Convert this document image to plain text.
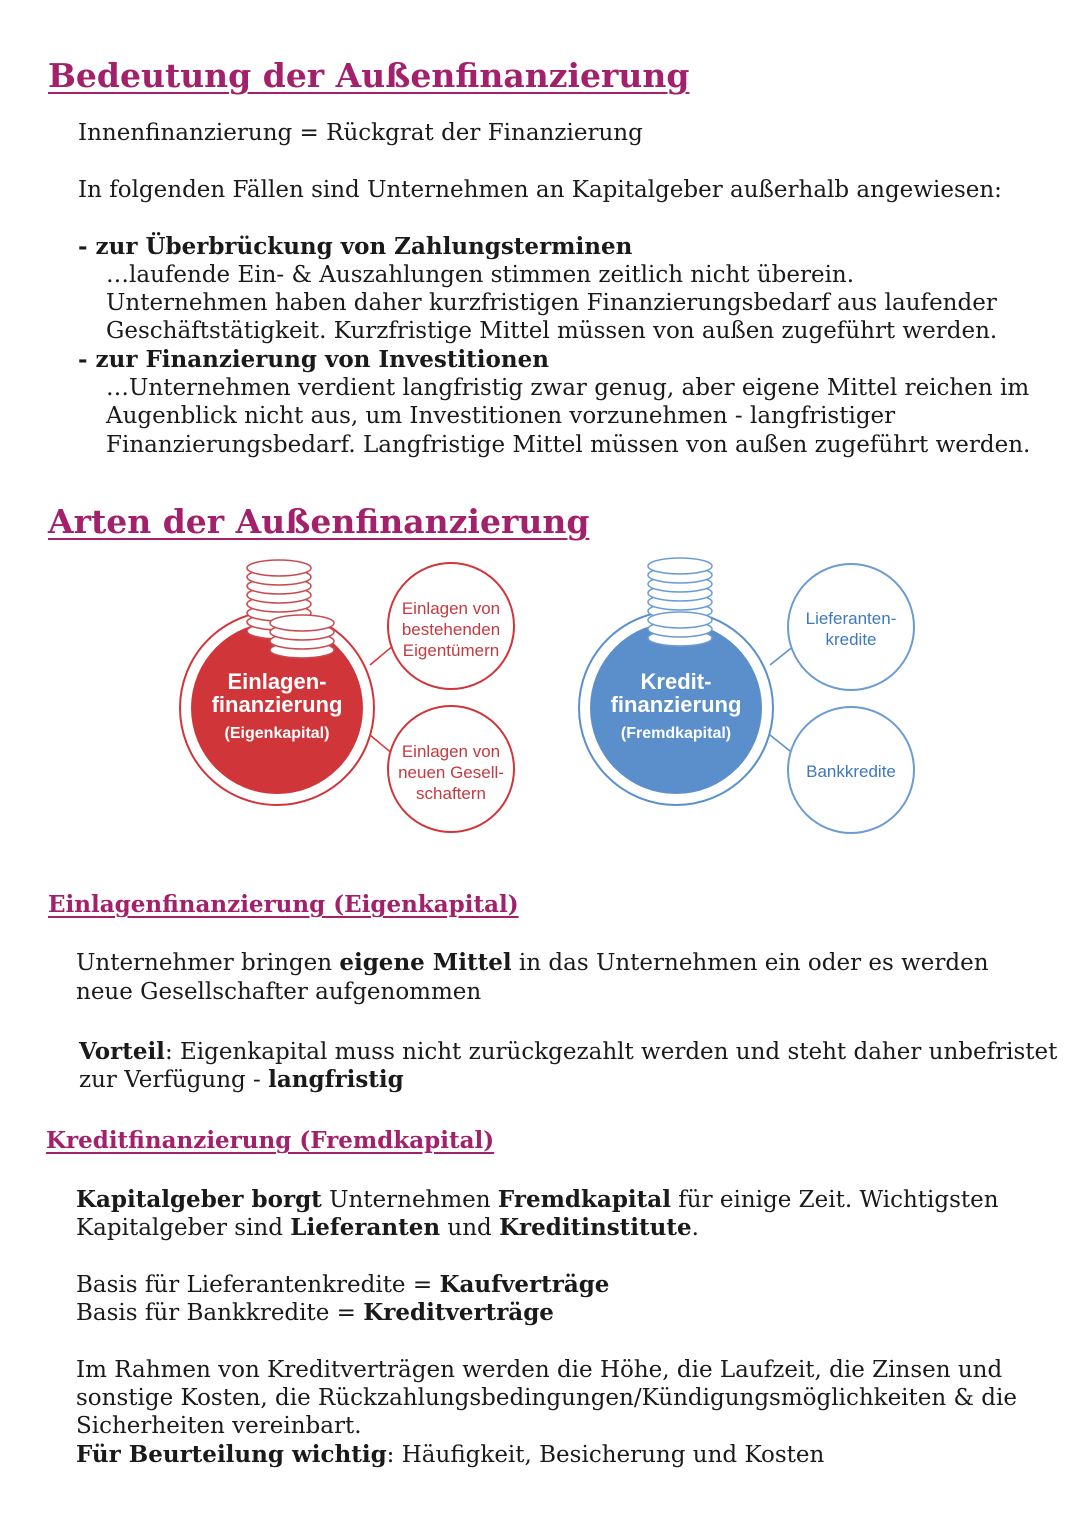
Bedeutung der Außenfinanzierung
Innenfinanzierung = Rückgrat der Finanzierung
In folgenden Fällen sind Unternehmen an Kapitalgeber außerhalb angewiesen:
- zur Überbrückung von Zahlungsterminen
…laufende Ein- & Auszahlungen stimmen zeitlich nicht überein.
Unternehmen haben daher kurzfristigen Finanzierungsbedarf aus laufender
Geschäftstätigkeit. Kurzfristige Mittel müssen von außen zugeführt werden.
- zur Finanzierung von Investitionen
…Unternehmen verdient langfristig zwar genug, aber eigene Mittel reichen im
Augenblick nicht aus, um Investitionen vorzunehmen - langfristiger
Finanzierungsbedarf. Langfristige Mittel müssen von außen zugeführt werden.
Arten der Außenfinanzierung
Einlagen-
finanzierung
(Eigenkapital)
Einlagen von
bestehenden
Eigentümern
Einlagen von
neuen Gesell-
schaftern
Kredit-
finanzierung
(Fremdkapital)
Lieferanten-
kredite
Bankkredite
Einlagenfinanzierung (Eigenkapital)
Unternehmer bringen eigene Mittel in das Unternehmen ein oder es werden
neue Gesellschafter aufgenommen
Vorteil: Eigenkapital muss nicht zurückgezahlt werden und steht daher unbefristet
zur Verfügung - langfristig
Kreditfinanzierung (Fremdkapital)
Kapitalgeber borgt Unternehmen Fremdkapital für einige Zeit. Wichtigsten
Kapitalgeber sind Lieferanten und Kreditinstitute.
Basis für Lieferantenkredite = Kaufverträge
Basis für Bankkredite = Kreditverträge
Im Rahmen von Kreditverträgen werden die Höhe, die Laufzeit, die Zinsen und
sonstige Kosten, die Rückzahlungsbedingungen/Kündigungsmöglichkeiten & die
Sicherheiten vereinbart.
Für Beurteilung wichtig: Häufigkeit, Besicherung und Kosten
